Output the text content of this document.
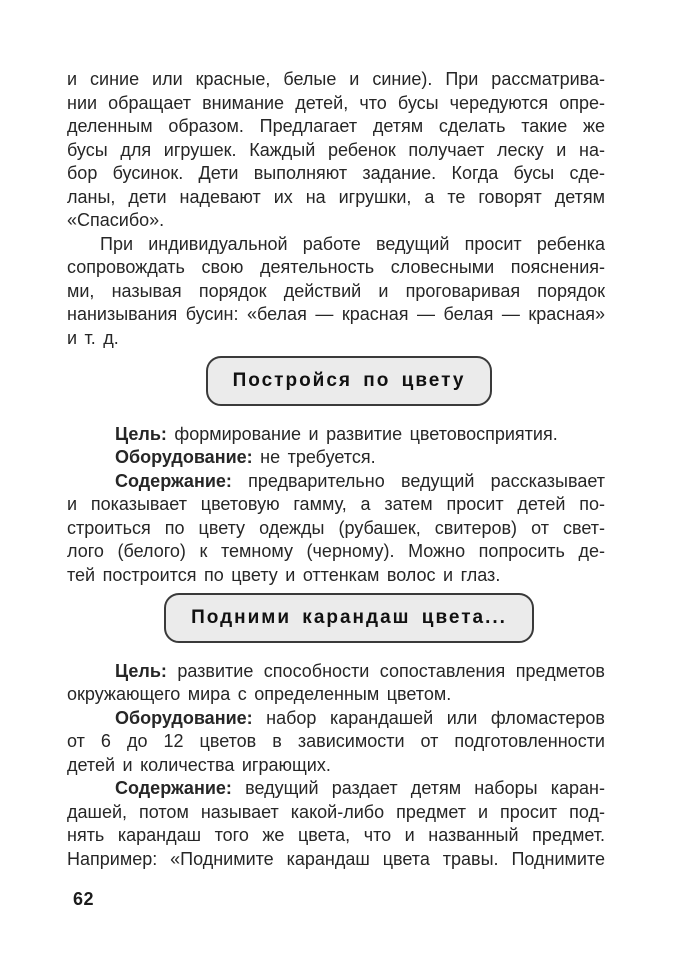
и синие или красные, белые и синие). При рассматрива-
нии обращает внимание детей, что бусы чередуются опре-
деленным образом. Предлагает детям сделать такие же
бусы для игрушек. Каждый ребенок получает леску и на-
бор бусинок. Дети выполняют задание. Когда бусы сде-
ланы, дети надевают их на игрушки, а те говорят детям
«Спасибо».
При индивидуальной работе ведущий просит ребенка
сопровождать свою деятельность словесными пояснения-
ми, называя порядок действий и проговаривая порядок
нанизывания бусин: «белая — красная — белая — красная»
и т. д.
Постройся по цвету
Цель: формирование и развитие цветовосприятия.
Оборудование: не требуется.
Содержание: предварительно ведущий рассказывает
и показывает цветовую гамму, а затем просит детей по-
строиться по цвету одежды (рубашек, свитеров) от свет-
лого (белого) к темному (черному). Можно попросить де-
тей построится по цвету и оттенкам волос и глаз.
Подними карандаш цвета...
Цель: развитие способности сопоставления предметов
окружающего мира с определенным цветом.
Оборудование: набор карандашей или фломастеров
от 6 до 12 цветов в зависимости от подготовленности
детей и количества играющих.
Содержание: ведущий раздает детям наборы каран-
дашей, потом называет какой-либо предмет и просит под-
нять карандаш того же цвета, что и названный предмет.
Например: «Поднимите карандаш цвета травы. Поднимите
62
